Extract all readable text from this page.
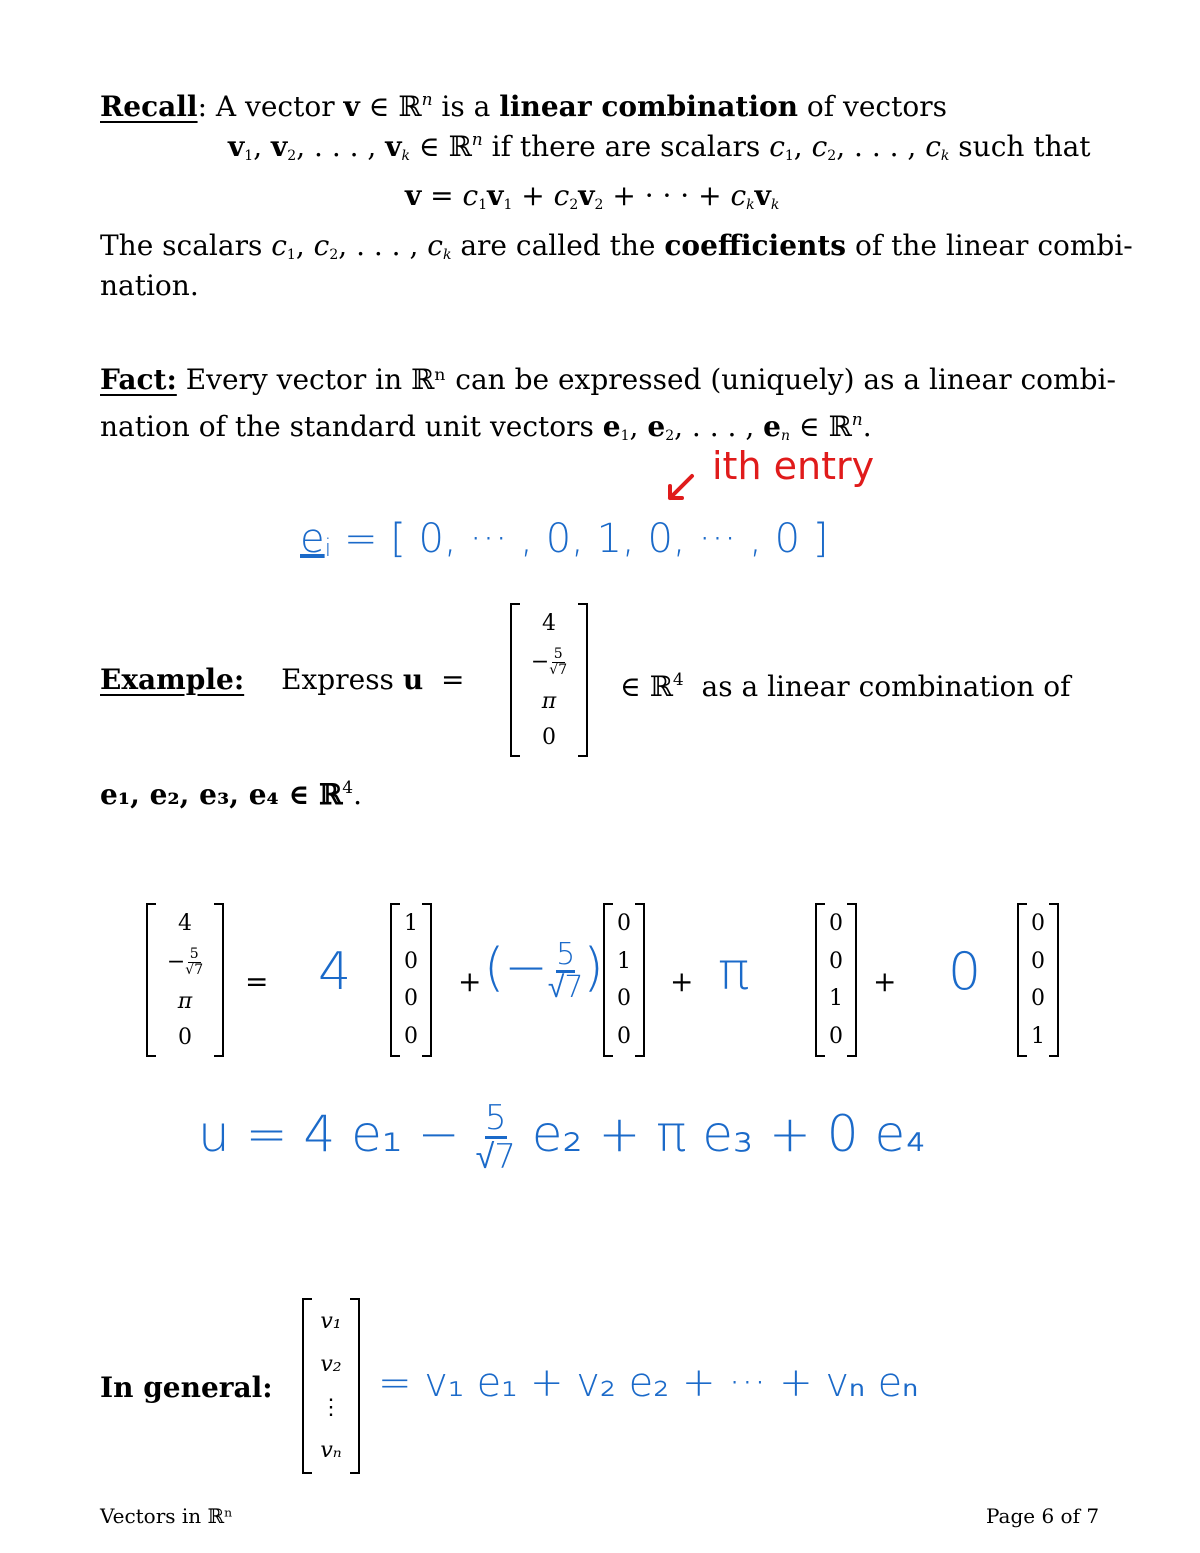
Recall: A vector v ∈ ℝ$^n$ is a linear combination of vectors
$v_1$, $v_2$, . . . , $v_k$ ∈ ℝ$^n$ if there are scalars $c_1$, $c_2$, . . . , $c_k$ such that
$v = c_1v_1 + c_2v_2$ + · · · + $c_kv_k$
The scalars $c_1$, $c_2$, . . . , $c_k$ are called the coefficients of the linear combi-
nation.
Fact: Every vector in ℝⁿ can be expressed (uniquely) as a linear combi-
nation of the standard unit vectors $e_1$, $e_2$, . . . , $e_n$ ∈ ℝ$^n$.
ith entry
$e_i$ = [ 0, ··· , 0, 1, 0, ··· , 0 ]
Example: Express u  =
4
− $\frac{5}{√7}$
π
0
∈ ℝ$^4$ as a linear combination of
e₁, e₂, e₃, e₄ ∈ ℝ$^4$.
4
− $\frac{5}{√7}$
π
0
= 4
1
0
0
0
+ (− $\frac{5}{√7}$ )
0
1
0
0
+ π
0
0
1
0
+ 0
0
0
0
1
u = 4 $e_1 - \frac{5}{√7} e_2 + \pi$ e₃ + 0 e₄
In general:
v₁
v₂
⋮
vₙ
= v₁ e₁ + v₂ e₂ + ··· + vₙ eₙ
Vectors in ℝⁿ	Page 6 of 7
